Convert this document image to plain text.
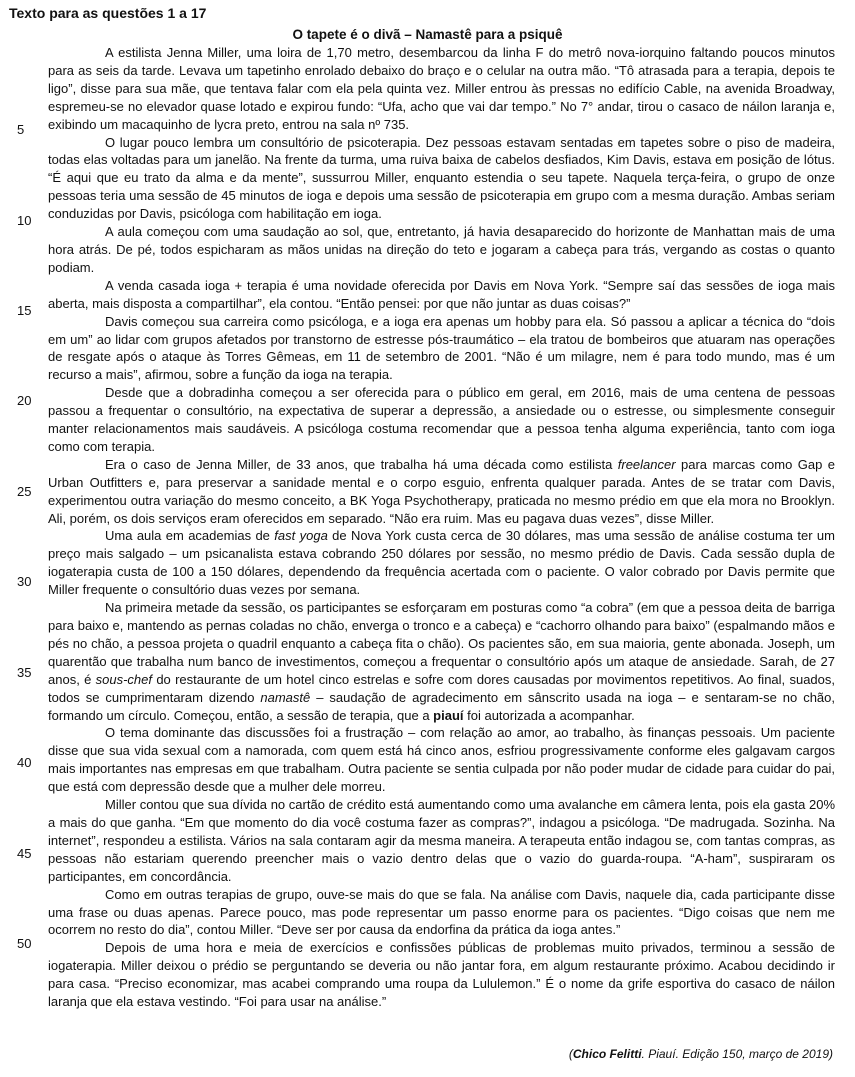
Texto para as questões 1 a 17
O tapete é o divã – Namastê para a psiquê

A estilista Jenna Miller, uma loira de 1,70 metro, desembarcou da linha F do metrô nova-iorquino faltando poucos minutos para as seis da tarde. Levava um tapetinho enrolado debaixo do braço e o celular na outra mão. “Tô atrasada para a terapia, depois te ligo”, disse para sua mãe, que tentava falar com ela pela quinta vez. Miller entrou às pressas no edifício Cable, na avenida Broadway, espremeu-se no elevador quase lotado e expirou fundo: “Ufa, acho que vai dar tempo.” No 7° andar, tirou o casaco de náilon laranja e, exibindo um macaquinho de lycra preto, entrou na sala nº 735.

O lugar pouco lembra um consultório de psicoterapia. Dez pessoas estavam sentadas em tapetes sobre o piso de madeira, todas elas voltadas para um janelão. Na frente da turma, uma ruiva baixa de cabelos desfiados, Kim Davis, estava em posição de lótus. “É aqui que eu trato da alma e da mente”, sussurrou Miller, enquanto estendia o seu tapete. Naquela terça-feira, o grupo de onze pessoas teria uma sessão de 45 minutos de ioga e depois uma sessão de psicoterapia em grupo com a mesma duração. Ambas seriam conduzidas por Davis, psicóloga com habilitação em ioga.

A aula começou com uma saudação ao sol, que, entretanto, já havia desaparecido do horizonte de Manhattan mais de uma hora atrás. De pé, todos espicharam as mãos unidas na direção do teto e jogaram a cabeça para trás, vergando as costas o quanto podiam.

A venda casada ioga + terapia é uma novidade oferecida por Davis em Nova York. “Sempre saí das sessões de ioga mais aberta, mais disposta a compartilhar”, ela contou. “Então pensei: por que não juntar as duas coisas?”

Davis começou sua carreira como psicóloga, e a ioga era apenas um hobby para ela. Só passou a aplicar a técnica do “dois em um” ao lidar com grupos afetados por transtorno de estresse pós-traumático – ela tratou de bombeiros que atuaram nas operações de resgate após o ataque às Torres Gêmeas, em 11 de setembro de 2001. “Não é um milagre, nem é para todo mundo, mas é um recurso a mais”, afirmou, sobre a função da ioga na terapia.

Desde que a dobradinha começou a ser oferecida para o público em geral, em 2016, mais de uma centena de pessoas passou a frequentar o consultório, na expectativa de superar a depressão, a ansiedade ou o estresse, ou simplesmente conseguir manter relacionamentos mais saudáveis. A psicóloga costuma recomendar que a pessoa tenha alguma experiência, tanto com ioga como com terapia.

Era o caso de Jenna Miller, de 33 anos, que trabalha há uma década como estilista freelancer para marcas como Gap e Urban Outfitters e, para preservar a sanidade mental e o corpo esguio, enfrenta qualquer parada. Antes de se tratar com Davis, experimentou outra variação do mesmo conceito, a BK Yoga Psychotherapy, praticada no mesmo prédio em que ela mora no Brooklyn. Ali, porém, os dois serviços eram oferecidos em separado. “Não era ruim. Mas eu pagava duas vezes”, disse Miller.

Uma aula em academias de fast yoga de Nova York custa cerca de 30 dólares, mas uma sessão de análise costuma ter um preço mais salgado – um psicanalista estava cobrando 250 dólares por sessão, no mesmo prédio de Davis. Cada sessão dupla de iogaterapia custa de 100 a 150 dólares, dependendo da frequência acertada com o paciente. O valor cobrado por Davis permite que Miller frequente o consultório duas vezes por semana.

Na primeira metade da sessão, os participantes se esforçaram em posturas como “a cobra” (em que a pessoa deita de barriga para baixo e, mantendo as pernas coladas no chão, enverga o tronco e a cabeça) e “cachorro olhando para baixo” (espalmando mãos e pés no chão, a pessoa projeta o quadril enquanto a cabeça fita o chão). Os pacientes são, em sua maioria, gente abonada. Joseph, um quarentão que trabalha num banco de investimentos, começou a frequentar o consultório após um ataque de ansiedade. Sarah, de 27 anos, é sous-chef do restaurante de um hotel cinco estrelas e sofre com dores causadas por movimentos repetitivos. Ao final, suados, todos se cumprimentaram dizendo namastê – saudação de agradecimento em sânscrito usada na ioga – e sentaram-se no chão, formando um círculo. Começou, então, a sessão de terapia, que a piauí foi autorizada a acompanhar.

O tema dominante das discussões foi a frustração – com relação ao amor, ao trabalho, às finanças pessoais. Um paciente disse que sua vida sexual com a namorada, com quem está há cinco anos, esfriou progressivamente conforme eles galgavam cargos mais importantes nas empresas em que trabalham. Outra paciente se sentia culpada por não poder mudar de cidade para cuidar do pai, que está com depressão desde que a mulher dele morreu.

Miller contou que sua dívida no cartão de crédito está aumentando como uma avalanche em câmera lenta, pois ela gasta 20% a mais do que ganha. “Em que momento do dia você costuma fazer as compras?”, indagou a psicóloga. “De madrugada. Sozinha. Na internet”, respondeu a estilista. Vários na sala contaram agir da mesma maneira. A terapeuta então indagou se, com tantas compras, as pessoas não estariam querendo preencher mais o vazio dentro delas que o vazio do guarda-roupa. “A-ham”, suspiraram os participantes, em concordância.

Como em outras terapias de grupo, ouve-se mais do que se fala. Na análise com Davis, naquele dia, cada participante disse uma frase ou duas apenas. Parece pouco, mas pode representar um passo enorme para os pacientes. “Digo coisas que nem me ocorrem no resto do dia”, contou Miller. “Deve ser por causa da endorfina da prática da ioga antes.”

Depois de uma hora e meia de exercícios e confissões públicas de problemas muito privados, terminou a sessão de iogaterapia. Miller deixou o prédio se perguntando se deveria ou não jantar fora, em algum restaurante próximo. Acabou decidindo ir para casa. “Preciso economizar, mas acabei comprando uma roupa da Lululemon.” É o nome da grife esportiva do casaco de náilon laranja que ela estava vestindo. “Foi para usar na análise.”

5
10
15
20
25
30
35
40
45
50
(Chico Felitti. Piauí. Edição 150, março de 2019)
